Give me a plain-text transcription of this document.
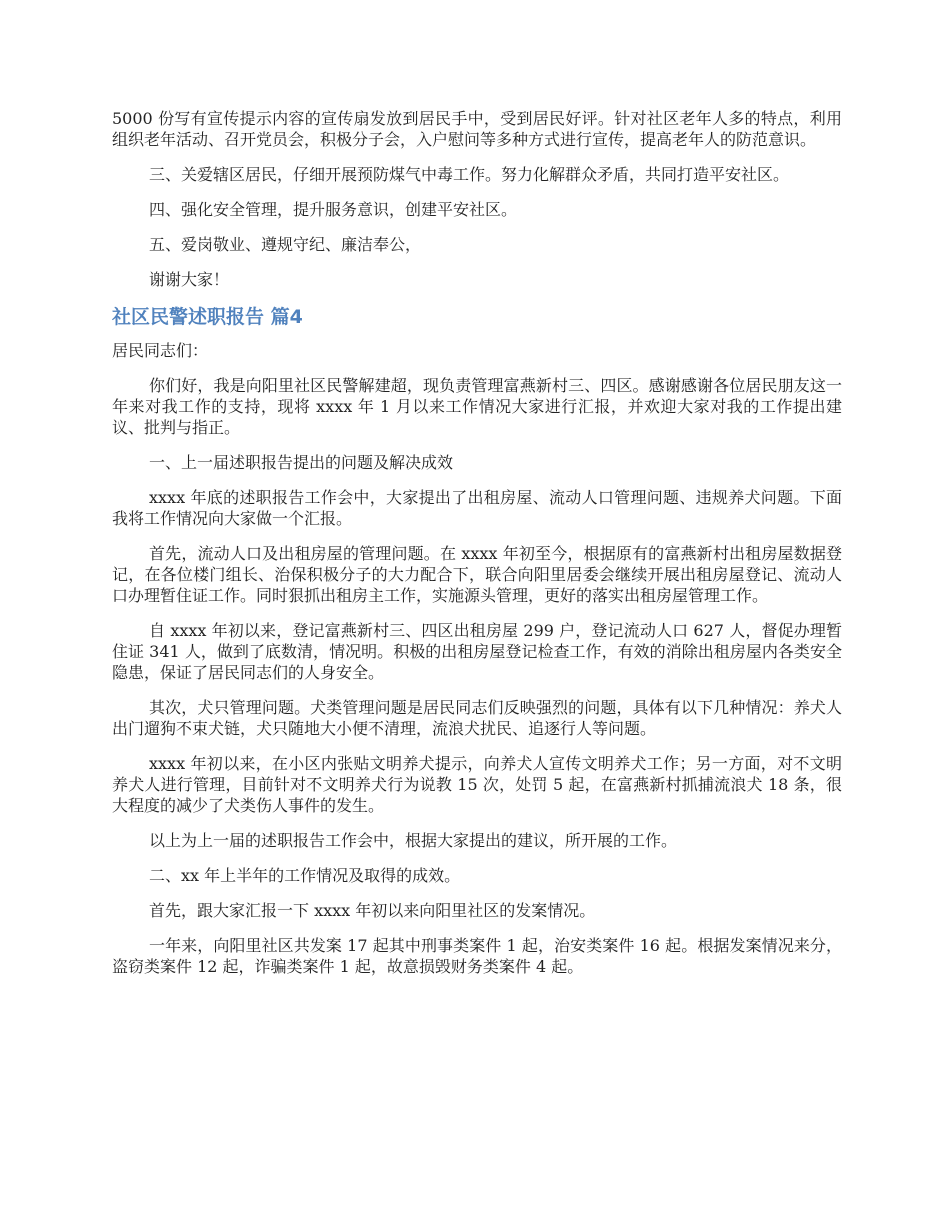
5000 份写有宣传提示内容的宣传扇发放到居民手中，受到居民好评。针对社区老年人多的特点，利用组织老年活动、召开党员会，积极分子会，入户慰问等多种方式进行宣传，提高老年人的防范意识。

三、关爱辖区居民，仔细开展预防煤气中毒工作。努力化解群众矛盾，共同打造平安社区。

四、强化安全管理，提升服务意识，创建平安社区。

五、爱岗敬业、遵规守纪、廉洁奉公，

谢谢大家！

社区民警述职报告 篇4

居民同志们：

你们好，我是向阳里社区民警解建超，现负责管理富燕新村三、四区。感谢感谢各位居民朋友这一年来对我工作的支持，现将 xxxx 年 1 月以来工作情况大家进行汇报，并欢迎大家对我的工作提出建议、批判与指正。

一、上一届述职报告提出的问题及解决成效

xxxx 年底的述职报告工作会中，大家提出了出租房屋、流动人口管理问题、违规养犬问题。下面我将工作情况向大家做一个汇报。

首先，流动人口及出租房屋的管理问题。在 xxxx 年初至今，根据原有的富燕新村出租房屋数据登记，在各位楼门组长、治保积极分子的大力配合下，联合向阳里居委会继续开展出租房屋登记、流动人口办理暂住证工作。同时狠抓出租房主工作，实施源头管理，更好的落实出租房屋管理工作。

自 xxxx 年初以来，登记富燕新村三、四区出租房屋 299 户，登记流动人口 627 人，督促办理暂住证 341 人，做到了底数清，情况明。积极的出租房屋登记检查工作，有效的消除出租房屋内各类安全隐患，保证了居民同志们的人身安全。

其次，犬只管理问题。犬类管理问题是居民同志们反映强烈的问题，具体有以下几种情况：养犬人出门遛狗不束犬链，犬只随地大小便不清理，流浪犬扰民、追逐行人等问题。

xxxx 年初以来，在小区内张贴文明养犬提示，向养犬人宣传文明养犬工作；另一方面，对不文明养犬人进行管理，目前针对不文明养犬行为说教 15 次，处罚 5 起，在富燕新村抓捕流浪犬 18 条，很大程度的减少了犬类伤人事件的发生。

以上为上一届的述职报告工作会中，根据大家提出的建议，所开展的工作。

二、xx 年上半年的工作情况及取得的成效。

首先，跟大家汇报一下 xxxx 年初以来向阳里社区的发案情况。

一年来，向阳里社区共发案 17 起其中刑事类案件 1 起，治安类案件 16 起。根据发案情况来分，盗窃类案件 12 起，诈骗类案件 1 起，故意损毁财务类案件 4 起。
